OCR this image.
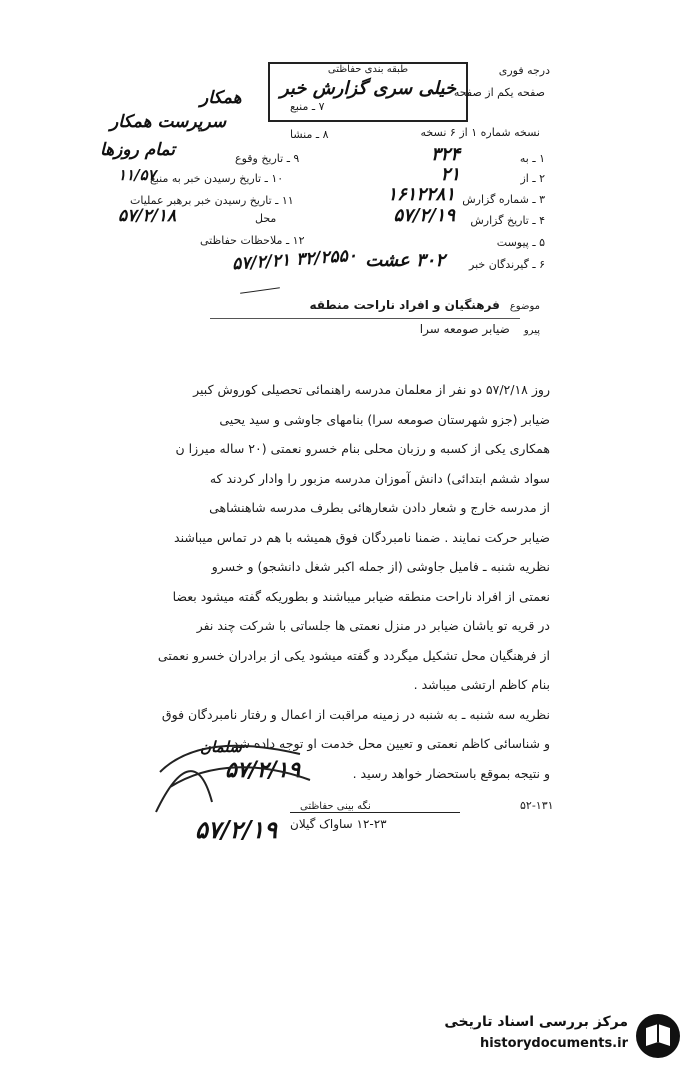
درجه فوری
طبقه بندی حفاظتی
خیلی سری گزارش خبر	صفحه یکم از صفحه
نسخه شماره ۱ از ۶ نسخه
۱ ـ به
۳۲۴
۲ ـ از
۲۱
۳ ـ شماره گزارش
۱۶۱۲۲۸۱
۴ ـ تاریخ گزارش
۵۷/۲/۱۹
۵ ـ پیوست
۶ ـ گیرندگان خبر
۳۰۲ عشت
۷ ـ منبع
همکار
۸ ـ منشا
سرپرست همکار
۹ ـ تاریخ وقوع
تمام روزها
۱۰ ـ تاریخ رسیدن خبر به منبع
۱۱/۵۷
۱۱ ـ تاریخ رسیدن خبر برهبر عملیات
۵۷/۲/۱۸	محل
۱۲ ـ ملاحظات حفاظتی
۳۲/۲۵۵۰ ۵۷/۲/۲۱
موضوع
فرهنگیان و افراد ناراحت منطقه
پیرو
ضیابر صومعه سرا

روز ۵۷/۲/۱۸ دو نفر از معلمان مدرسه راهنمائی تحصیلی کوروش کبیر

ضیابر (جزو شهرستان صومعه سرا) بنامهای جاوشی و سید یحیی

همکاری یکی از کسبه و رزبان محلی بنام خسرو نعمتی (۲۰ ساله میرزا ن

سواد ششم ابتدائی) دانش آموزان مدرسه مزبور را وادار کردند که

از مدرسه خارج و شعار دادن شعارهائی بطرف مدرسه شاهنشاهی

ضیابر حرکت نمایند . ضمنا نامبردگان فوق همیشه با هم در تماس میباشند

نظریه شنبه ـ فامیل جاوشی (از جمله اکبر شغل دانشجو) و خسرو

نعمتی از افراد ناراحت منطقه ضیابر میباشند و بطوریکه گفته میشود بعضا

در قریه تو یاشان ضیابر در منزل نعمتی ها جلساتی با شرکت چند نفر

از فرهنگیان محل تشکیل میگردد و گفته میشود یکی از برادران خسرو نعمتی

بنام کاظم ارتشی میباشد .

نظریه سه شنبه ـ به شنبه در زمینه مراقبت از اعمال و رفتار نامبردگان فوق

و شناسائی کاظم نعمتی و تعیین محل خدمت او توجه داده شد

و نتیجه بموقع باستحضار خواهد رسید .

سلمان
۵۷/۲/۱۹
۵۷/۲/۱۹
نگه بینی حفاظتی
۱۲-۲۳ ساواک گیلان
۵۲-۱۳۱
مرکز بررسی اسناد تاریخی
historydocuments.ir
